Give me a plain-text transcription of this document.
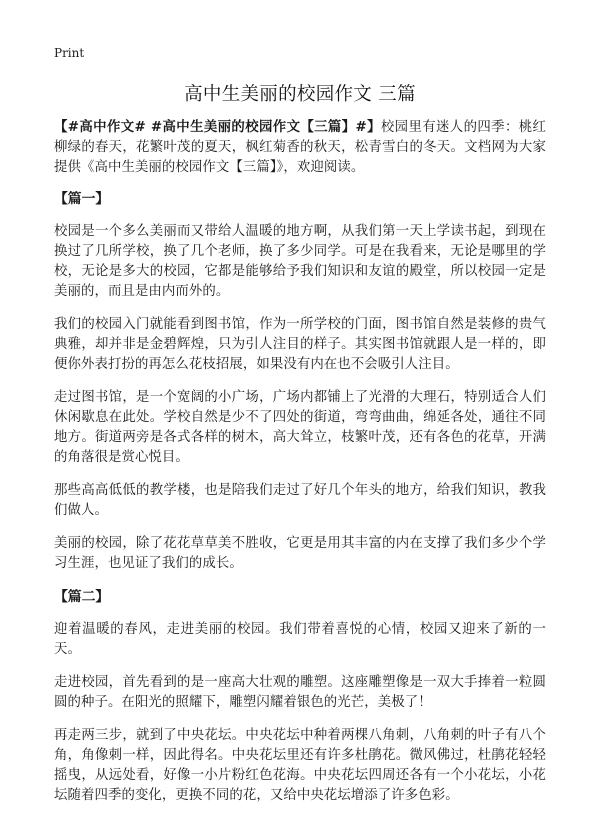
Print
高中生美丽的校园作文 三篇

【#高中作文# #高中生美丽的校园作文【三篇】#】校园里有迷人的四季：桃红柳绿的春天，花繁叶茂的夏天，枫红菊香的秋天，松青雪白的冬天。文档网为大家提供《高中生美丽的校园作文【三篇】》，欢迎阅读。

【篇一】

校园是一个多么美丽而又带给人温暖的地方啊，从我们第一天上学读书起，到现在换过了几所学校，换了几个老师，换了多少同学。可是在我看来，无论是哪里的学校，无论是多大的校园，它都是能够给予我们知识和友谊的殿堂，所以校园一定是美丽的，而且是由内而外的。

我们的校园入门就能看到图书馆，作为一所学校的门面，图书馆自然是装修的贵气典雅，却并非是金碧辉煌，只为引人注目的样子。其实图书馆就跟人是一样的，即便你外表打扮的再怎么花枝招展，如果没有内在也不会吸引人注目。

走过图书馆，是一个宽阔的小广场，广场内都铺上了光滑的大理石，特别适合人们休闲歇息在此处。学校自然是少不了四处的街道，弯弯曲曲，绵延各处，通往不同地方。街道两旁是各式各样的树木，高大耸立，枝繁叶茂，还有各色的花草，开满的角落很是赏心悦目。

那些高高低低的教学楼，也是陪我们走过了好几个年头的地方，给我们知识，教我们做人。

美丽的校园，除了花花草草美不胜收，它更是用其丰富的内在支撑了我们多少个学习生涯，也见证了我们的成长。

【篇二】

迎着温暖的春风，走进美丽的校园。我们带着喜悦的心情，校园又迎来了新的一天。

走进校园，首先看到的是一座高大壮观的雕塑。这座雕塑像是一双大手捧着一粒圆圆的种子。在阳光的照耀下，雕塑闪耀着银色的光芒，美极了！

再走两三步，就到了中央花坛。中央花坛中种着两棵八角刺，八角刺的叶子有八个角，角像刺一样，因此得名。中央花坛里还有许多杜鹃花。微风佛过，杜鹃花轻轻摇曳，从远处看，好像一小片粉红色花海。中央花坛四周还各有一个小花坛，小花坛随着四季的变化，更换不同的花，又给中央花坛增添了许多色彩。
